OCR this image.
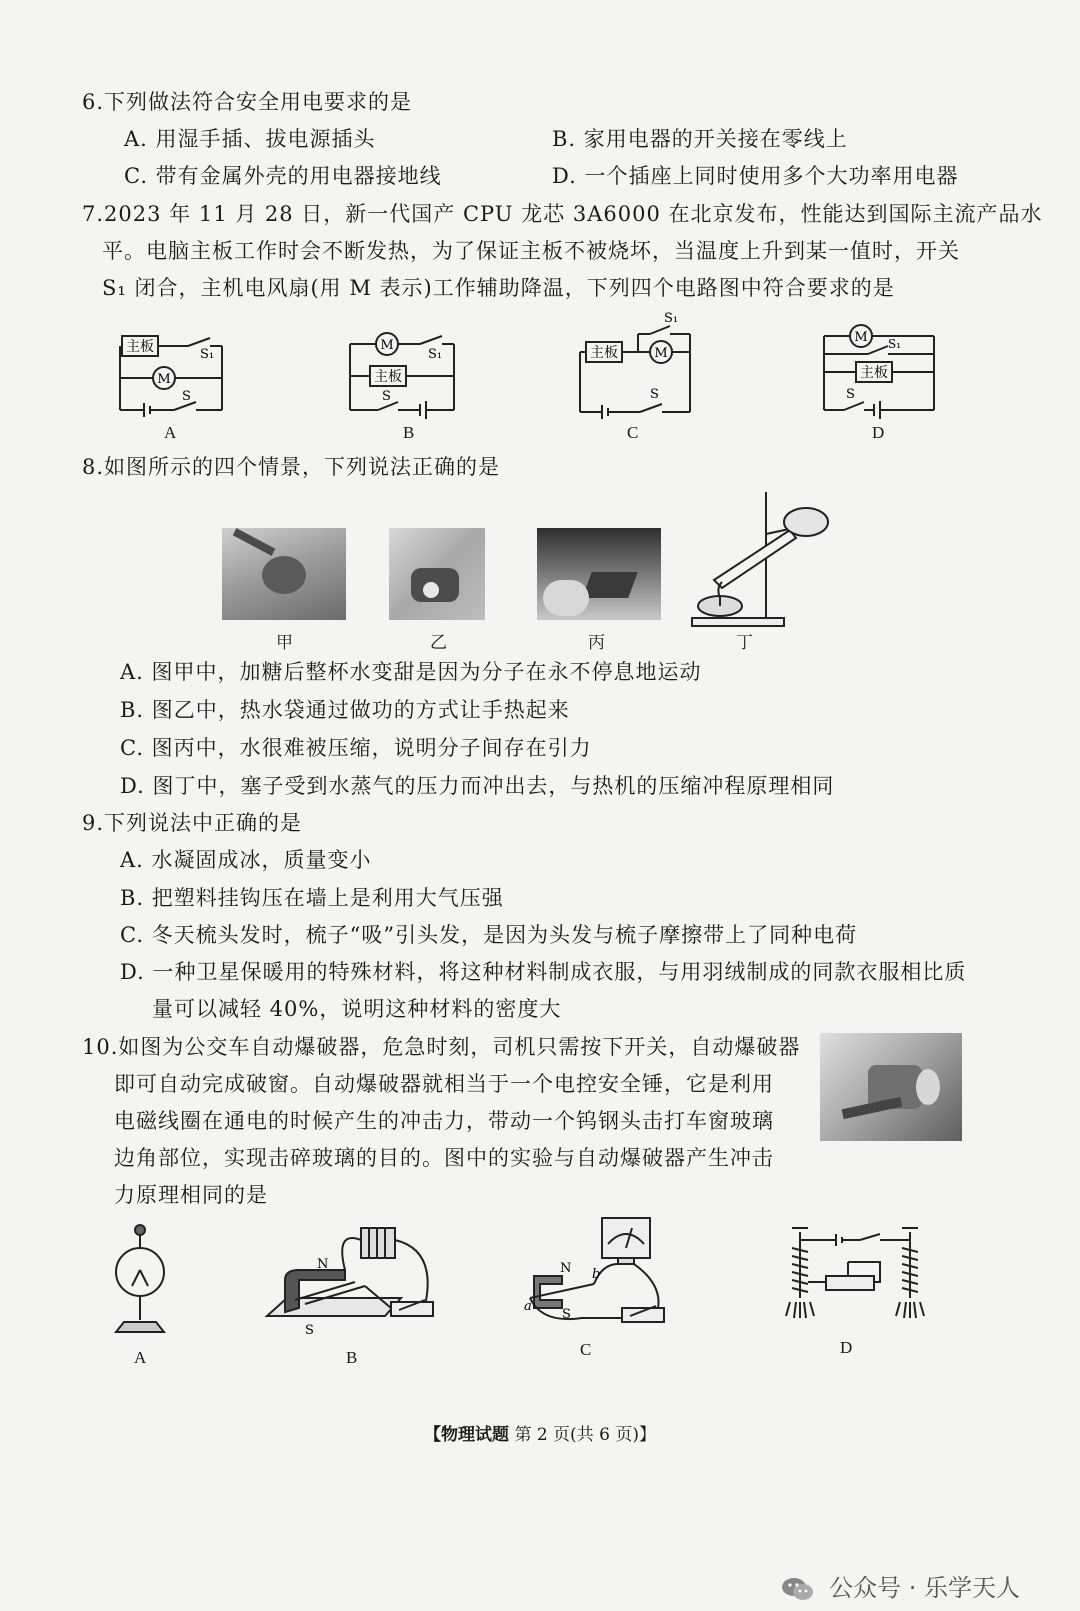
6.下列做法符合安全用电要求的是
A. 用湿手插、拔电源插头	B. 家用电器的开关接在零线上
C. 带有金属外壳的用电器接地线	D. 一个插座上同时使用多个大功率用电器
7.2023 年 11 月 28 日，新一代国产 CPU 龙芯 3A6000 在北京发布，性能达到国际主流产品水
平。电脑主板工作时会不断发热，为了保证主板不被烧坏，当温度上升到某一值时，开关
S₁ 闭合，主机电风扇(用 M 表示)工作辅助降温，下列四个电路图中符合要求的是
主板
M
S₁
S
A
M
主板
S₁
S
B
主板	M
S₁
S
C
M
主板
S₁
S
D
8.如图所示的四个情景，下列说法正确的是
甲	乙	丙	丁
A. 图甲中，加糖后整杯水变甜是因为分子在永不停息地运动
B. 图乙中，热水袋通过做功的方式让手热起来
C. 图丙中，水很难被压缩，说明分子间存在引力
D. 图丁中，塞子受到水蒸气的压力而冲出去，与热机的压缩冲程原理相同
9.下列说法中正确的是
A. 水凝固成冰，质量变小
B. 把塑料挂钩压在墙上是利用大气压强
C. 冬天梳头发时，梳子“吸”引头发，是因为头发与梳子摩擦带上了同种电荷
D. 一种卫星保暖用的特殊材料，将这种材料制成衣服，与用羽绒制成的同款衣服相比质
量可以减轻 40%，说明这种材料的密度大
10.如图为公交车自动爆破器，危急时刻，司机只需按下开关，自动爆破器
即可自动完成破窗。自动爆破器就相当于一个电控安全锤，它是利用
电磁线圈在通电的时候产生的冲击力，带动一个钨钢头击打车窗玻璃
边角部位，实现击碎玻璃的目的。图中的实验与自动爆破器产生冲击
力原理相同的是
A
N
S
B
N
S
a
b
C	D
【物理试题 第 2 页(共 6 页)】
公众号 · 乐学天人
